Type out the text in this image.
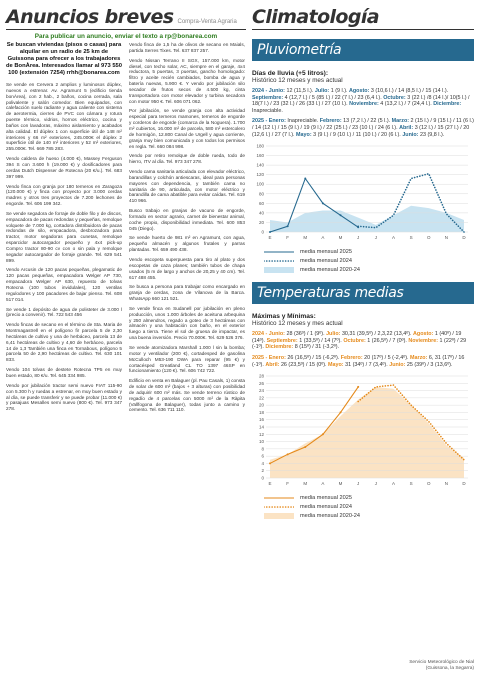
Anuncios breves Compra-Venta Agraria
Para publicar un anuncio, enviar el texto a rp@bonarea.com

Se buscan viviendas (pisos o casas) para alquilar en un radio de 25 km de Guissona para ofrecer a los trabajadores de BonÀrea. Interesados llamar al 973 550 100 (extensión 7254) rrhh@bonarea.com

Se vende en Cervera 2 amplios y luminosos dúplex, nuevos a estrenar. Av. Agramunt 5 (edificio tienda bonÀrea), con 2 hab., 2 baños, cocina cerrada, sala polivalente y salón comedor. Bien equipados, con calefacción suelo radiante y agua caliente con sistema de aerotermia, cierres de PVC con cámara y rotura puente térmico, vidrios, hornos eléctrico, cocina y baños con lavadoras, máximo aislamiento y acabados alta calidad. El dúplex 1 con superficie útil de 148 m² interiores y 66 m² exteriores, 245.000€ el dúplex 2 superficie útil de 140 m² interiores y 52 m² exteriores, 255.000€. Tel. 669 785 283.

Vendo caldera de hueso (4.000 €), Massey Ferguson 394 S con 3.600 h (19.000 €) y dosificadores para cerdas Dutch Dispenser de Rotecna (20 €/u.). Tel. 683 397 999.

Vendo finca con granja por 180 terneros en Zaragoza (120.000 €) y finca con proyecto por 3.000 cerdas madres y otros tres proyectos de 7.200 lechones de engorde. Tel. 606 199 342.

Se vende segadora de forraje de doble filo y de discos, empacadora de pacas redondas y pequeñas, remolque volquete de 7.000 kg, cortadora distribuidora de pacas redondas de silo, empacadora, desbrozadora para tractor, motor segadoras para cunetas, remolque esparcidor autocargador pequeño y 4x4 pick-up Compro tractor 80-90 cv con o sin pala y remolque segador autocargador de forraje grande. Tel. 629 541 899.

Vendo Arcusin de 120 pacas pequeñas, plegamatic de 120 pacas pequeñas, empacadora Welger AP 730, empacadora Welger AP 630, repuesto de tolvas Rotecna (100 tubos invidulales), 120 ventilas regulodores y 100 pacadores de bajar pienso. Tel. 608 517 014.

Se vende 1 depósito de agua de polisteter de 3.000 l (precio a convenir). Tel. 722 543 456

Vendo fincas de secano en el término de Sta. Maria de Montmagastrell en el polígono fir parcela 5 de 2,30 hectáreas de cultivo y una de herbáceo, parcela 13 de 6,41 hectáreas de cultivo y 4,60 de herbáceo, parcela 14 de 1,3 También una finca en Tornabous, polígono 5 parcela 50 de 2,90 hectáreas de cultivo. Tel. 630 101 833.

Vendo 104 tolvas de destete Rotecna TP5 en muy buen estado, 80 €/u. Tel. 645 334 985.

Vendo por jubilación tractor semi nuevo FIAT 115-90 con 5.300 h y ruedas a estrenar, en muy buen estado y al día, se puede transferir y se puede probar (11.000 €) y pasajuas Mesalles semi nuevo (800 €). Tel. 973 347 278.

Vendo finca de 1,5 ha de olivos de secano en Maials, partida Serres Tixes. Tel. 637 837 257.

Vendo Nissan Terrano II SGX, 157.000 km, motor diesel, con techo solar, AC, siempre en el garaje, 4x4 reductora, 5 puertas, 3 puertas, gancho homologado: filtro y aceite recién cambiados, bomba de agua y batería nuevas, 5.900 €. Y vendo por jubilación silo secador de frutos secos de 4.500 kg, cinta transportadora con motor elevador y turbina secadora con motor 950 €. Tel. 606 071 062.

Por jubilación, se vende granja con alta actividad especial para terneros mamones, terneros de engorde y corderos de engorde (comarca de la Noguera). 1.700 m² cubiertos, 16.000 m² de parcela, 580 m² estercolero de hormigón, 12.800 Canal de Urgell y agua corriente, granja muy bien comunicada y con todos los permisos en regla. Tel. 660 084 998.

Vendo por retiro remolque de doble rueda, todo de hierro, ITV al día. Tel. 973 347 278.

Vendo cama sanitaria articulada con elevador eléctrico, barandillas y colchón antiescaras, ideal para personas mayores con dependencia, y también cama no sanitaria de 90, articulada, con motor eléctrico y barandilla de cama abatible para evitar caídas. Tel. 619 410 966.

Busco trabajo en granjas de vacuno de engorde, formado en sector agrario, carnet de bienestar animal, coche propio, disponibilidad inmediata. Tel. 600 853 045 (Diego).

Se vende huerto de 981 m² en Agramunt, con agua, pequeño almacén y algunos frutales y parras plantadas. Tel. 659 490 438.

Vendo escopeta superpuesta para tiro al plato y dos escopetas de caza planes; también tubos de chapa usados (5 m de largo y anchos de 20,25 y 40 cm). Tel. 617 488 455.

Se busca a persona para trabajar como encargado en granja de cerdas, zona de Vilanova de la Barca. WhatsApp 660 121 521.

Se vende finca en Sudanell por jubilación en pleno producción, unos 1.000 árboles de aceituna arbequina y 250 almendros, regado a goteo de 3 hectáreas con almacén y una habitación con baño, en el exterior fuego a tierra. Tiene el sol de gruesa de impactar, es una buena inversión. Precio 70.000€. Tel. 629 526 376.

Se vende atomizadora Marshall 1.000 l sin la bomba; motor y ventilador (200 €), cortadesped de gasolina McCulloch M53-190 DWA para reparar (95 €) y cortacésped Greatland CL TO 1397 46SP en funcionamiento (120 €). Tel. 606 742 722.

Edificio en venta en Balaguer (pl. Pau Casals, 1) consta de solar de 600 m² (bajos + 3 alturas) con posibilidad de adquirir 600 m² más. Se vende terreno rústico de regadío de 4 parcelas con 5000 m² de la Ràpita (Vallfogona de Balaguer), todas junto a camino y cemento. Tel. 636 711 110.

Climatología
Pluviometría
Días de lluvia (+5 litros):
Histórico 12 meses y mes actual
2024 - Junio: 12 (11,5 l.). Julio: 1 (9 l.). Agosto: 3 (10,6 l.) / 14 (8,5 l.) / 15 (14 l.). Septiembre: 4 (12,7 l.) / 5 (85 l.) / 22 (7 l.) / 23 (6,4 l.). Octubre: 3 (22 l.) /8 (14 l.)/ 10(5 l.) / 18(7 l.) / 23 (32 l.) / 26 (33 l.) / 27 (10 l.). Noviembre: 4 (13,2 l.) / 7 (24,4 l.). Diciembre: Inapreciable.
2025 - Enero: Inapreciable. Febrero: 13 (7,2 l.) / 22 (5 l.). Marzo: 2 (15 l.) / 9 (15 l.) / 11 (6 l.) / 14 (12 l.) / 15 (9 l.) / 19 (9 l.) / 22 (25 l.) / 23 (10 l.) / 24 (6 l.). Abril: 3 (12 l.) / 15 (27 l.) / 20 (12,6 l.) / 27 (7 l.). Mayo: 3 (9 l.) / 9 (10 l.) / 11 (10 l.) / 20 (6 l.). Junio: 23 (9,8 l.).
0
20
40
60
80
100
120
140
160
180
E	F	M	A	M	J	J	A	S	O	N	D
media mensual 2025
media mensual 2024
media mensual 2020-24
Temperaturas medias
Máximas y Mínimas:
Histórico 12 meses y mes actual
2024 - Junio: 28 (36º) / 1 (9º). Julio: 30,31 (39,5º) / 2,3,22 (13,4º). Agosto: 1 (40º) / 19 (14º). Septiembre: 1 (33,5º) / 14 (7º). Octubre: 1 (26,5º) / 7 (0º). Noviembre: 1 (22º) / 29 (-1º). Diciembre: 8 (15º) / 31 (-3,2º).
2025 - Enero: 26 (16,5º) / 15 (-6,2º). Febrero: 20 (17º) / 5 (-2,4º). Marzo: 6, 31 (17º) / 16 (-1º). Abril: 26 (23,5º) / 15 (0º). Mayo: 31 (34º) / 7 (3,4º). Junio: 25 (39º) / 3 (13,6º).
0
2
4
6
8
10
12
14
16
18
20
22
24
26
28
E	F	M	A	M	J	J	A	S	O	N	D
media mensual 2025
media mensual 2024
media mensual 2020-24
Servicio Meteorológico de Nial
(Guissona, la Segarra)
